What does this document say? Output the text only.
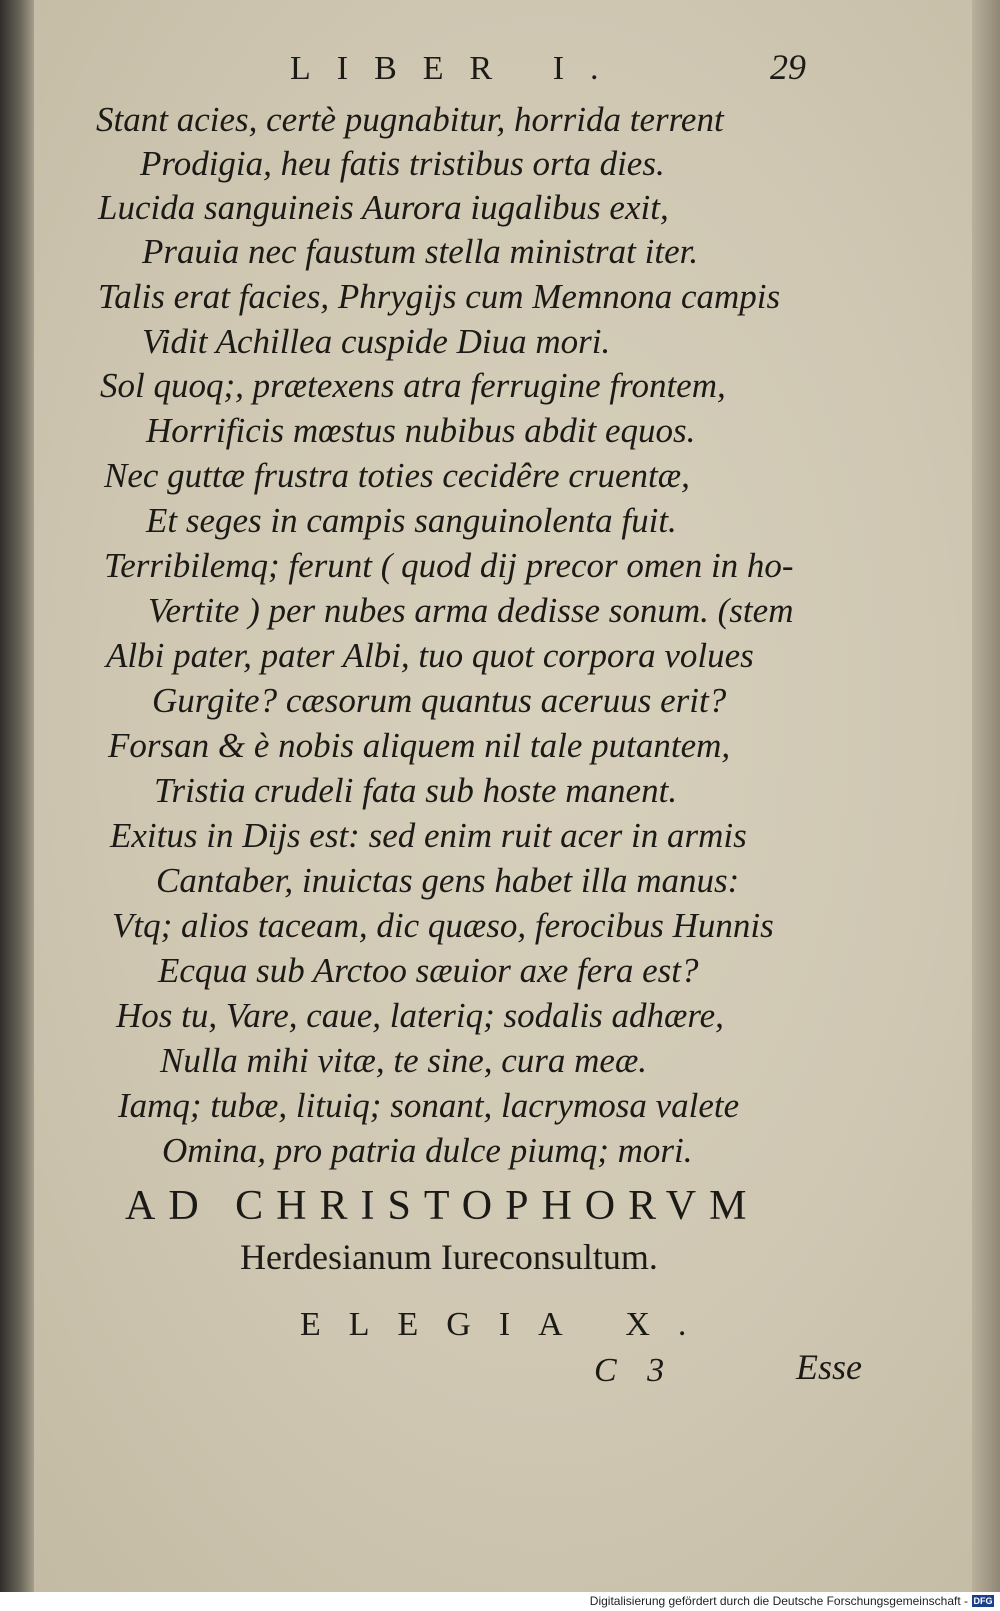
LIBER I.	29
Stant acies, certè pugnabitur, horrida terrent
Prodigia, heu fatis tristibus orta dies.
Lucida sanguineis Aurora iugalibus exit,
Prauia nec faustum stella ministrat iter.
Talis erat facies, Phrygijs cum Memnona campis
Vidit Achillea cuspide Diua mori.
Sol quoq;, prætexens atra ferrugine frontem,
Horrificis mœstus nubibus abdit equos.
Nec guttæ frustra toties cecidêre cruentæ,
Et seges in campis sanguinolenta fuit.
Terribilemq; ferunt ( quod dij precor omen in ho-
Vertite ) per nubes arma dedisse sonum. (stem
Albi pater, pater Albi, tuo quot corpora volues
Gurgite? cæsorum quantus aceruus erit?
Forsan & è nobis aliquem nil tale putantem,
Tristia crudeli fata sub hoste manent.
Exitus in Dijs est: sed enim ruit acer in armis
Cantaber, inuictas gens habet illa manus:
Vtq; alios taceam, dic quæso, ferocibus Hunnis
Ecqua sub Arctoo sæuior axe fera est?
Hos tu, Vare, caue, lateriq; sodalis adhære,
Nulla mihi vitæ, te sine, cura meæ.
Iamq; tubæ, lituiq; sonant, lacrymosa valete
Omina, pro patria dulce piumq; mori.
AD CHRISTOPHORVM
Herdesianum Iureconsultum.
ELEGIA X.
C 3	Esse
Digitalisierung gefördert durch die Deutsche Forschungsgemeinschaft - DFG
